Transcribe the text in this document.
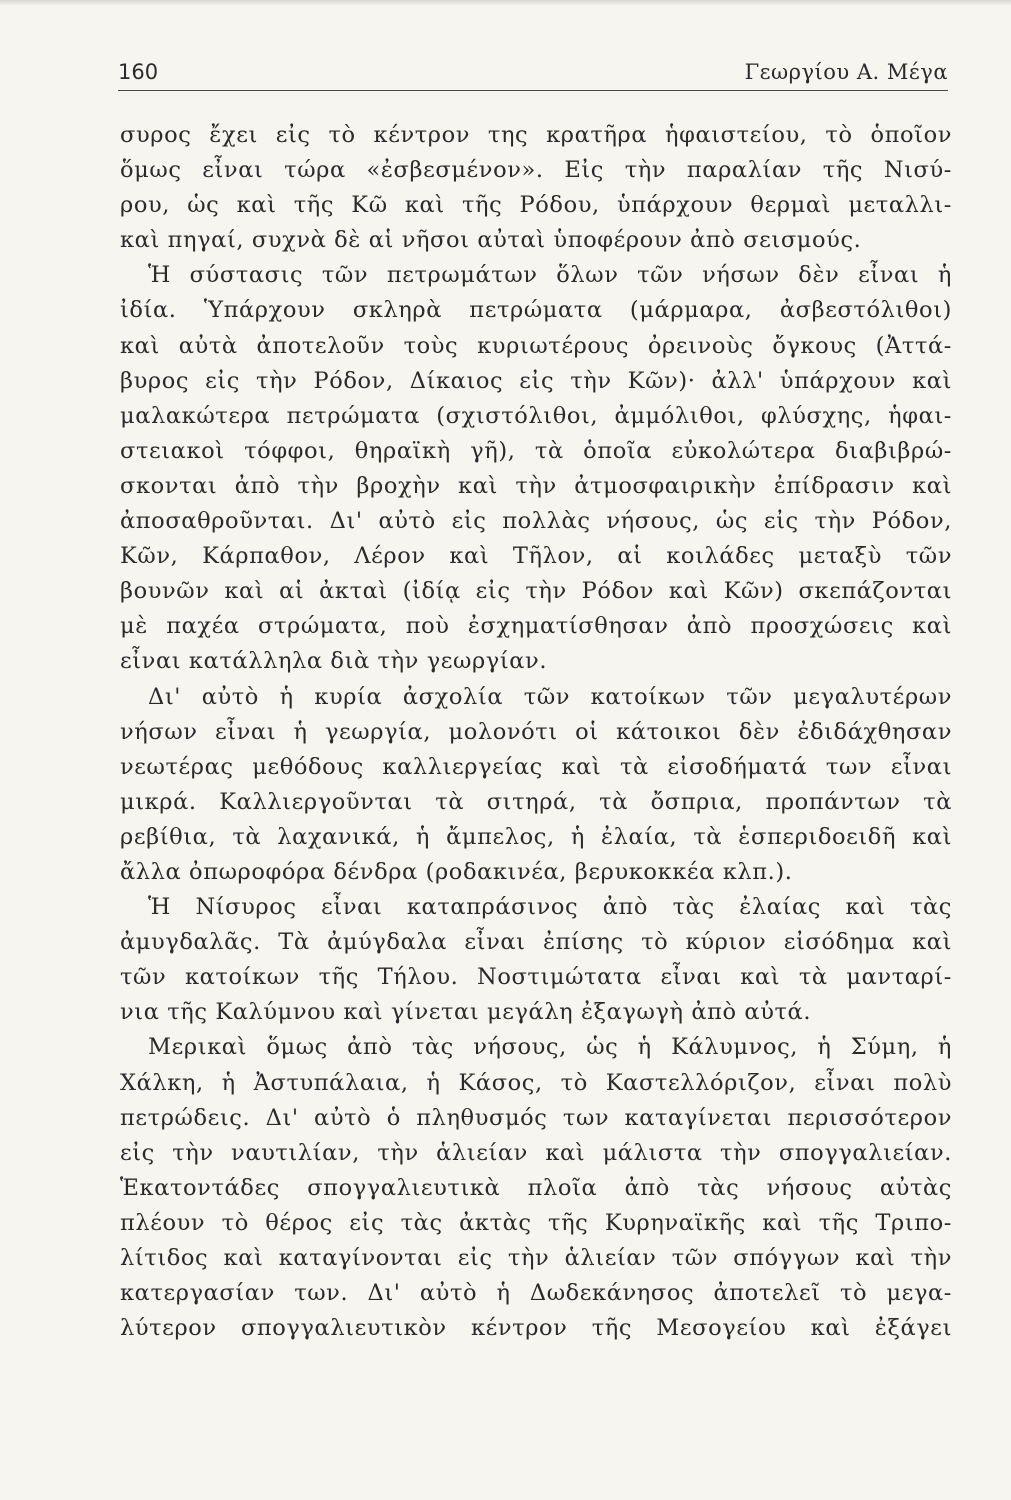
160	Γεωργίου Α. Μέγα
συρος ἔχει εἰς τὸ κέντρον της κρατῆρα ἡφαιστείου, τὸ ὁποῖον
ὅμως εἶναι τώρα «ἐσβεσμένον». Εἰς τὴν παραλίαν τῆς Νισύ-
ρου, ὡς καὶ τῆς Κῶ καὶ τῆς Ρόδου, ὑπάρχουν θερμαὶ μεταλλι-
καὶ πηγαί, συχνὰ δὲ αἱ νῆσοι αὐταὶ ὑποφέρουν ἀπὸ σεισμούς.
Ἡ σύστασις τῶν πετρωμάτων ὅλων τῶν νήσων δὲν εἶναι ἡ
ἰδία. Ὑπάρχουν σκληρὰ πετρώματα (μάρμαρα, ἀσβεστόλιθοι)
καὶ αὐτὰ ἀποτελοῦν τοὺς κυριωτέρους ὀρεινοὺς ὄγκους (Ἀττά-
βυρος εἰς τὴν Ρόδον, Δίκαιος εἰς τὴν Κῶν)· ἀλλ' ὑπάρχουν καὶ
μαλακώτερα πετρώματα (σχιστόλιθοι, ἀμμόλιθοι, φλύσχης, ἡφαι-
στειακοὶ τόφφοι, θηραϊκὴ γῆ), τὰ ὁποῖα εὐκολώτερα διαβιβρώ-
σκονται ἀπὸ τὴν βροχὴν καὶ τὴν ἀτμοσφαιρικὴν ἐπίδρασιν καὶ
ἀποσαθροῦνται. Δι' αὐτὸ εἰς πολλὰς νήσους, ὡς εἰς τὴν Ρόδον,
Κῶν, Κάρπαθον, Λέρον καὶ Τῆλον, αἱ κοιλάδες μεταξὺ τῶν
βουνῶν καὶ αἱ ἀκταὶ (ἰδίᾳ εἰς τὴν Ρόδον καὶ Κῶν) σκεπάζονται
μὲ παχέα στρώματα, ποὺ ἐσχηματίσθησαν ἀπὸ προσχώσεις καὶ
εἶναι κατάλληλα διὰ τὴν γεωργίαν.
Δι' αὐτὸ ἡ κυρία ἀσχολία τῶν κατοίκων τῶν μεγαλυτέρων
νήσων εἶναι ἡ γεωργία, μολονότι οἱ κάτοικοι δὲν ἐδιδάχθησαν
νεωτέρας μεθόδους καλλιεργείας καὶ τὰ εἰσοδήματά των εἶναι
μικρά. Καλλιεργοῦνται τὰ σιτηρά, τὰ ὄσπρια, προπάντων τὰ
ρεβίθια, τὰ λαχανικά, ἡ ἄμπελος, ἡ ἐλαία, τὰ ἑσπεριδοειδῆ καὶ
ἄλλα ὀπωροφόρα δένδρα (ροδακινέα, βερυκοκκέα κλπ.).
Ἡ Νίσυρος εἶναι καταπράσινος ἀπὸ τὰς ἐλαίας καὶ τὰς
ἀμυγδαλᾶς. Τὰ ἀμύγδαλα εἶναι ἐπίσης τὸ κύριον εἰσόδημα καὶ
τῶν κατοίκων τῆς Τήλου. Νοστιμώτατα εἶναι καὶ τὰ μανταρί-
νια τῆς Καλύμνου καὶ γίνεται μεγάλη ἐξαγωγὴ ἀπὸ αὐτά.
Μερικαὶ ὅμως ἀπὸ τὰς νήσους, ὡς ἡ Κάλυμνος, ἡ Σύμη, ἡ
Χάλκη, ἡ Ἀστυπάλαια, ἡ Κάσος, τὸ Καστελλόριζον, εἶναι πολὺ
πετρώδεις. Δι' αὐτὸ ὁ πληθυσμός των καταγίνεται περισσότερον
εἰς τὴν ναυτιλίαν, τὴν ἁλιείαν καὶ μάλιστα τὴν σπογγαλιείαν.
Ἑκατοντάδες σπογγαλιευτικὰ πλοῖα ἀπὸ τὰς νήσους αὐτὰς
πλέουν τὸ θέρος εἰς τὰς ἀκτὰς τῆς Κυρηναϊκῆς καὶ τῆς Τριπο-
λίτιδος καὶ καταγίνονται εἰς τὴν ἁλιείαν τῶν σπόγγων καὶ τὴν
κατεργασίαν των. Δι' αὐτὸ ἡ Δωδεκάνησος ἀποτελεῖ τὸ μεγα-
λύτερον σπογγαλιευτικὸν κέντρον τῆς Μεσογείου καὶ ἐξάγει
